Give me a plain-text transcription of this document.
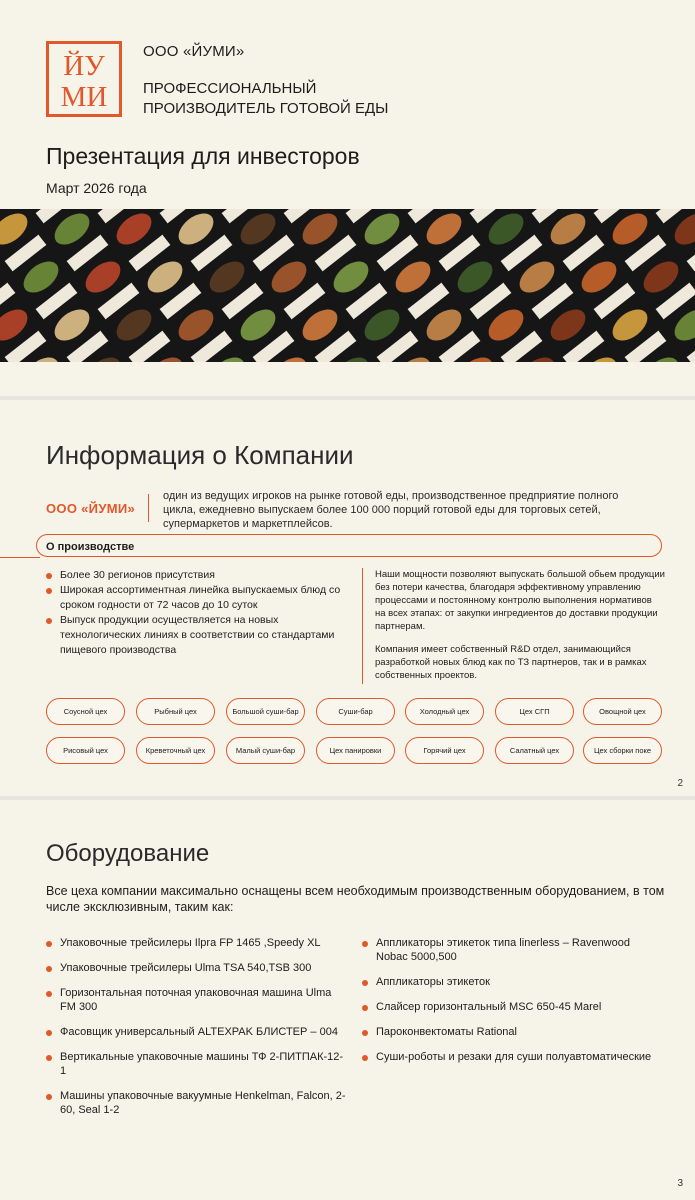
ЙУ
МИ
ООО «ЙУМИ»
ПРОФЕССИОНАЛЬНЫЙ ПРОИЗВОДИТЕЛЬ ГОТОВОЙ ЕДЫ
Презентация для инвесторов
Март 2026 года
Информация о Компании
ООО «ЙУМИ»
один из ведущих игроков на рынке готовой еды, производственное предприятие полного цикла, ежедневно выпускаем более 100 000 порций готовой еды для торговых сетей, супермаркетов и маркетплейсов.
О производстве
Более 30 регионов присутствия
Широкая ассортиментная линейка выпускаемых блюд со сроком годности от 72 часов до 10 суток
Выпуск продукции осуществляется на новых технологических линиях в соответствии со стандартами пищевого производства

Наши мощности позволяют выпускать большой обьем продукции без потери качества, благодаря эффективному управлению процессами и постоянному контролю выполнения нормативов на всех этапах: от закупки ингредиентов до доставки продукции партнерам.

Компания имеет собственный R&D отдел, занимающийся разработкой новых блюд как по ТЗ партнеров, так и в рамках собственных проектов.

Соусной цех	Рыбный цех	Большой суши-бар	Суши-бар	Холодный цех	Цех СГП	Овощной цех
Рисовый цех	Креветочный цех	Малый суши-бар	Цех панировки	Горячий цех	Салатный цех	Цех сборки поке
2
Оборудование
Все цеха компании максимально оснащены всем необходимым производственным оборудованием, в том числе эксклюзивным, таким как:
Упаковочные трейсилеры Ilpra FP 1465 ,Speedy XL
Упаковочные трейсилеры Ulma TSA 540,TSB 300
Горизонтальная поточная упаковочная машина Ulma FM 300
Фасовщик универсальный ALTEXPAK БЛИСТЕР – 004
Вертикальные упаковочные машины ТФ 2-ПИТПАК-12-1
Машины упаковочные вакуумные Henkelman, Falcon, 2-60, Seal 1-2
Аппликаторы этикеток типа linerless – Ravenwood Nobac 5000,500
Аппликаторы этикеток
Слайсер горизонтальный MSC 650-45 Marel
Пароконвектоматы Rational
Суши-роботы и резаки для суши полуавтоматические
3
